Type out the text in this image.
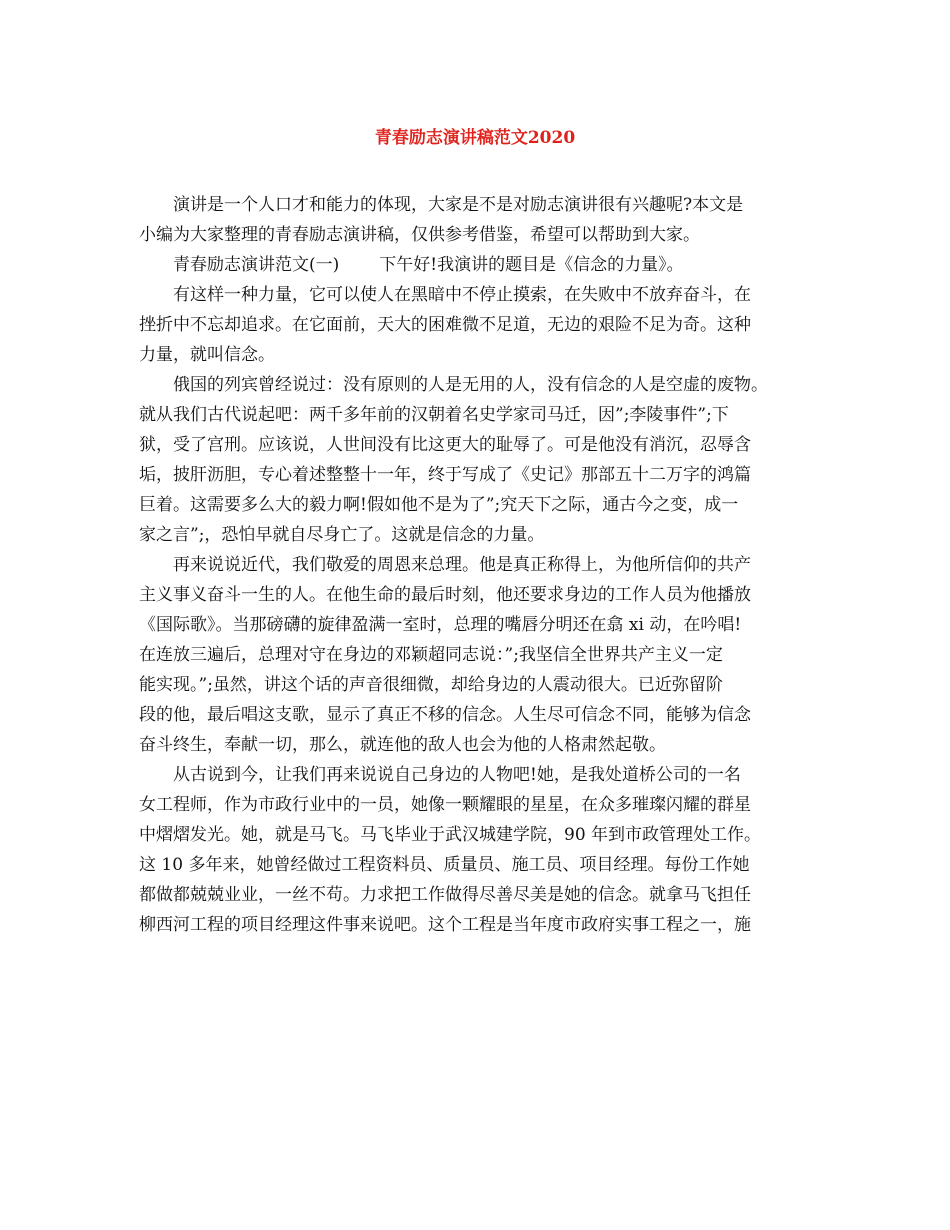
青春励志演讲稿范文2020
演讲是一个人口才和能力的体现，大家是不是对励志演讲很有兴趣呢?本文是
小编为大家整理的青春励志演讲稿，仅供参考借鉴，希望可以帮助到大家。
青春励志演讲范文(一) 下午好!我演讲的题目是《信念的力量》。
有这样一种力量，它可以使人在黑暗中不停止摸索，在失败中不放弃奋斗，在
挫折中不忘却追求。在它面前，天大的困难微不足道，无边的艰险不足为奇。这种
力量，就叫信念。
俄国的列宾曾经说过：没有原则的人是无用的人，没有信念的人是空虚的废物。
就从我们古代说起吧：两千多年前的汉朝着名史学家司马迁，因”;李陵事件”;下
狱，受了宫刑。应该说，人世间没有比这更大的耻辱了。可是他没有消沉，忍辱含
垢，披肝沥胆，专心着述整整十一年，终于写成了《史记》那部五十二万字的鸿篇
巨着。这需要多么大的毅力啊!假如他不是为了”;究天下之际，通古今之变，成一
家之言”;，恐怕早就自尽身亡了。这就是信念的力量。
再来说说近代，我们敬爱的周恩来总理。他是真正称得上，为他所信仰的共产
主义事义奋斗一生的人。在他生命的最后时刻，他还要求身边的工作人员为他播放
《国际歌》。当那磅礴的旋律盈满一室时，总理的嘴唇分明还在翕 xi 动，在吟唱!
在连放三遍后，总理对守在身边的邓颖超同志说：”;我坚信全世界共产主义一定
能实现。”;虽然，讲这个话的声音很细微，却给身边的人震动很大。已近弥留阶
段的他，最后唱这支歌，显示了真正不移的信念。人生尽可信念不同，能够为信念
奋斗终生，奉献一切，那么，就连他的敌人也会为他的人格肃然起敬。
从古说到今，让我们再来说说自己身边的人物吧!她，是我处道桥公司的一名
女工程师，作为市政行业中的一员，她像一颗耀眼的星星，在众多璀璨闪耀的群星
中熠熠发光。她，就是马飞。马飞毕业于武汉城建学院，90 年到市政管理处工作。
这 10 多年来，她曾经做过工程资料员、质量员、施工员、项目经理。每份工作她
都做都兢兢业业，一丝不苟。力求把工作做得尽善尽美是她的信念。就拿马飞担任
柳西河工程的项目经理这件事来说吧。这个工程是当年度市政府实事工程之一，施
